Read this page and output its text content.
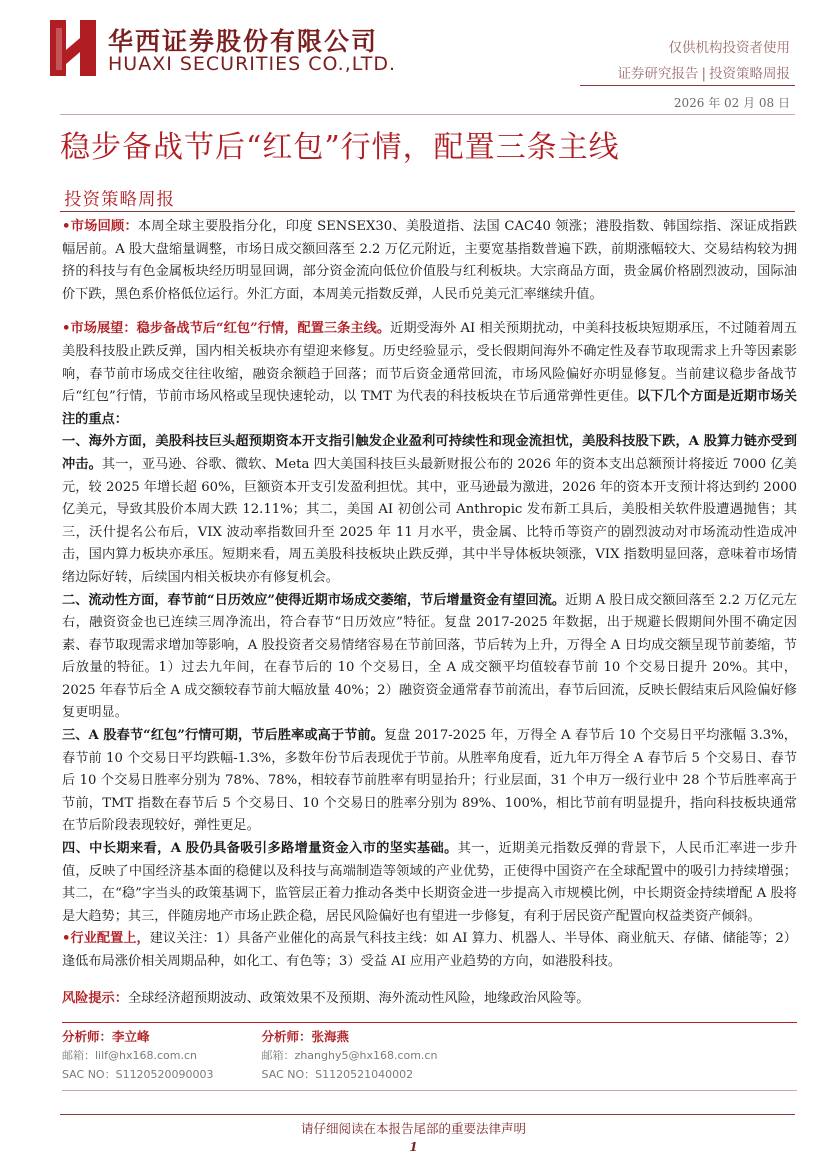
华西证券股份有限公司
HUAXI SECURITIES CO.,LTD.
仅供机构投资者使用
证券研究报告 | 投资策略周报
2026 年 02 月 08 日
稳步备战节后“红包”行情，配置三条主线
投资策略周报

•市场回顾：本周全球主要股指分化，印度 SENSEX30、美股道指、法国 CAC40 领涨；港股指数、韩国综指、深证成指跌幅居前。A 股大盘缩量调整，市场日成交额回落至 2.2 万亿元附近，主要宽基指数普遍下跌，前期涨幅较大、交易结构较为拥挤的科技与有色金属板块经历明显回调，部分资金流向低位价值股与红利板块。大宗商品方面，贵金属价格剧烈波动，国际油价下跌，黑色系价格低位运行。外汇方面，本周美元指数反弹，人民币兑美元汇率继续升值。

•市场展望：稳步备战节后“红包”行情，配置三条主线。近期受海外 AI 相关预期扰动，中美科技板块短期承压，不过随着周五美股科技股止跌反弹，国内相关板块亦有望迎来修复。历史经验显示，受长假期间海外不确定性及春节取现需求上升等因素影响，春节前市场成交往往收缩，融资余额趋于回落；而节后资金通常回流，市场风险偏好亦明显修复。当前建议稳步备战节后“红包”行情，节前市场风格或呈现快速轮动，以 TMT 为代表的科技板块在节后通常弹性更佳。以下几个方面是近期市场关注的重点：

一、海外方面，美股科技巨头超预期资本开支指引触发企业盈利可持续性和现金流担忧，美股科技股下跌，A 股算力链亦受到冲击。其一，亚马逊、谷歌、微软、Meta 四大美国科技巨头最新财报公布的 2026 年的资本支出总额预计将接近 7000 亿美元，较 2025 年增长超 60%，巨额资本开支引发盈利担忧。其中，亚马逊最为激进，2026 年的资本开支预计将达到约 2000 亿美元，导致其股价本周大跌 12.11%；其二，美国 AI 初创公司 Anthropic 发布新工具后，美股相关软件股遭遇抛售；其三，沃什提名公布后，VIX 波动率指数回升至 2025 年 11 月水平，贵金属、比特币等资产的剧烈波动对市场流动性造成冲击，国内算力板块亦承压。短期来看，周五美股科技板块止跌反弹，其中半导体板块领涨，VIX 指数明显回落，意味着市场情绪边际好转，后续国内相关板块亦有修复机会。

二、流动性方面，春节前“日历效应”使得近期市场成交萎缩，节后增量资金有望回流。近期 A 股日成交额回落至 2.2 万亿元左右，融资资金也已连续三周净流出，符合春节“日历效应”特征。复盘 2017-2025 年数据，出于规避长假期间外围不确定因素、春节取现需求增加等影响，A 股投资者交易情绪容易在节前回落，节后转为上升，万得全 A 日均成交额呈现节前萎缩，节后放量的特征。1）过去九年间，在春节后的 10 个交易日，全 A 成交额平均值较春节前 10 个交易日提升 20%。其中，2025 年春节后全 A 成交额较春节前大幅放量 40%；2）融资资金通常春节前流出，春节后回流，反映长假结束后风险偏好修复更明显。

三、A 股春节“红包”行情可期，节后胜率或高于节前。复盘 2017-2025 年，万得全 A 春节后 10 个交易日平均涨幅 3.3%，春节前 10 个交易日平均跌幅-1.3%，多数年份节后表现优于节前。从胜率角度看，近九年万得全 A 春节后 5 个交易日、春节后 10 个交易日胜率分别为 78%、78%，相较春节前胜率有明显抬升；行业层面，31 个申万一级行业中 28 个节后胜率高于节前，TMT 指数在春节后 5 个交易日、10 个交易日的胜率分别为 89%、100%，相比节前有明显提升，指向科技板块通常在节后阶段表现较好，弹性更足。

四、中长期来看，A 股仍具备吸引多路增量资金入市的坚实基础。其一，近期美元指数反弹的背景下，人民币汇率进一步升值，反映了中国经济基本面的稳健以及科技与高端制造等领域的产业优势，正使得中国资产在全球配置中的吸引力持续增强；其二，在“稳”字当头的政策基调下，监管层正着力推动各类中长期资金进一步提高入市规模比例，中长期资金持续增配 A 股将是大趋势；其三，伴随房地产市场止跌企稳，居民风险偏好也有望进一步修复，有利于居民资产配置向权益类资产倾斜。

•行业配置上，建议关注：1）具备产业催化的高景气科技主线：如 AI 算力、机器人、半导体、商业航天、存储、储能等；2）逢低布局涨价相关周期品种，如化工、有色等；3）受益 AI 应用产业趋势的方向，如港股科技。

风险提示：全球经济超预期波动、政策效果不及预期、海外流动性风险，地缘政治风险等。

分析师：李立峰
邮箱：lilf@hx168.com.cn
SAC NO：S1120520090003
分析师：张海燕
邮箱：zhanghy5@hx168.com.cn
SAC NO：S1120521040002
请仔细阅读在本报告尾部的重要法律声明
1
